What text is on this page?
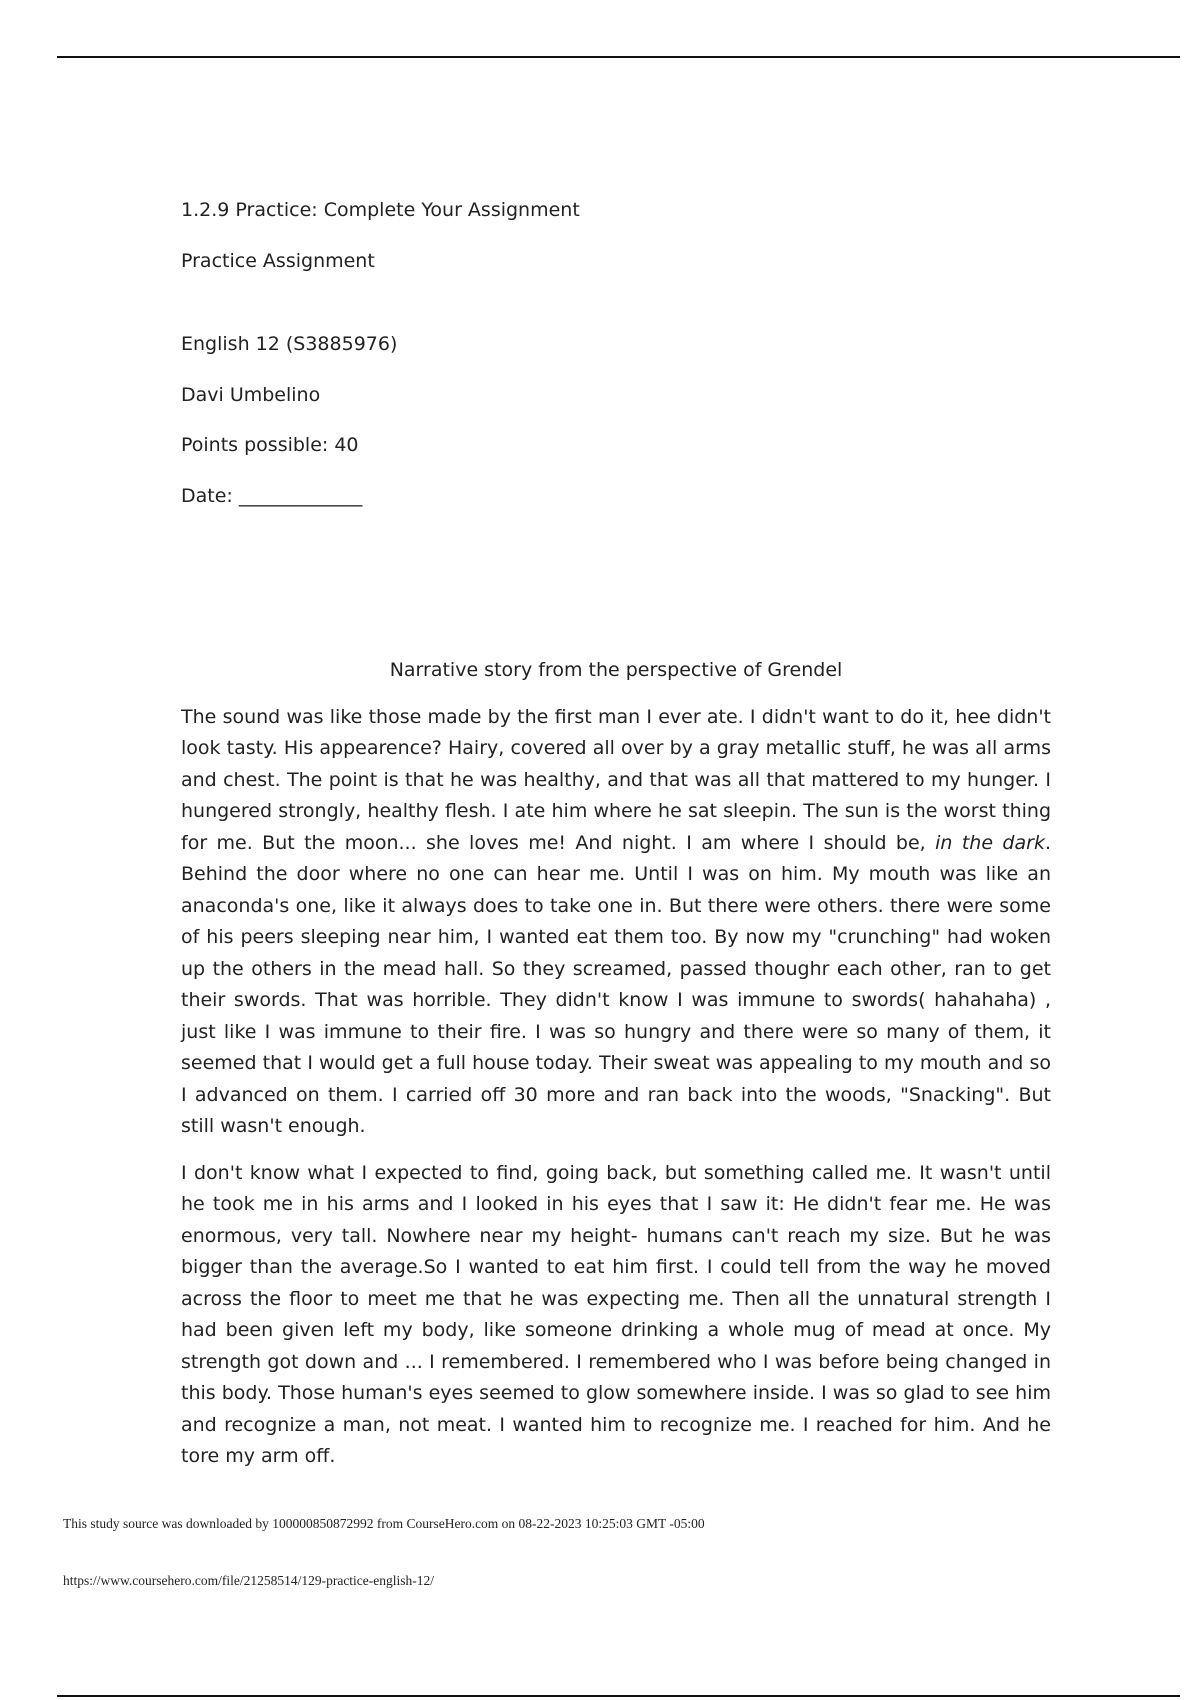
1.2.9 Practice: Complete Your Assignment
Practice Assignment
English 12 (S3885976)
Davi Umbelino
Points possible: 40
Date: _____________
Narrative story from the perspective of Grendel

The sound was like those made by the first man I ever ate. I didn't want to do it, hee didn't look tasty. His appearence? Hairy, covered all over by a gray metallic stuff, he was all arms and chest. The point is that he was healthy, and that was all that mattered to my hunger. I hungered strongly, healthy flesh. I ate him where he sat sleepin. The sun is the worst thing for me. But the moon... she loves me! And night. I am where I should be, in the dark. Behind the door where no one can hear me. Until I was on him. My mouth was like an anaconda's one, like it always does to take one in. But there were others. there were some of his peers sleeping near him, I wanted eat them too. By now my "crunching" had woken up the others in the mead hall. So they screamed, passed thoughr each other, ran to get their swords. That was horrible. They didn't know I was immune to swords( hahahaha) , just like I was immune to their fire. I was so hungry and there were so many of them, it seemed that I would get a full house today. Their sweat was appealing to my mouth and so I advanced on them. I carried off 30 more and ran back into the woods, "Snacking". But still wasn't enough.

I don't know what I expected to find, going back, but something called me. It wasn't until he took me in his arms and I looked in his eyes that I saw it: He didn't fear me. He was enormous, very tall. Nowhere near my height- humans can't reach my size. But he was bigger than the average.So I wanted to eat him first. I could tell from the way he moved across the floor to meet me that he was expecting me. Then all the unnatural strength I had been given left my body, like someone drinking a whole mug of mead at once. My strength got down and ... I remembered. I remembered who I was before being changed in this body. Those human's eyes seemed to glow somewhere inside. I was so glad to see him and recognize a man, not meat. I wanted him to recognize me. I reached for him. And he tore my arm off.

This study source was downloaded by 100000850872992 from CourseHero.com on 08-22-2023 10:25:03 GMT -05:00
https://www.coursehero.com/file/21258514/129-practice-english-12/
